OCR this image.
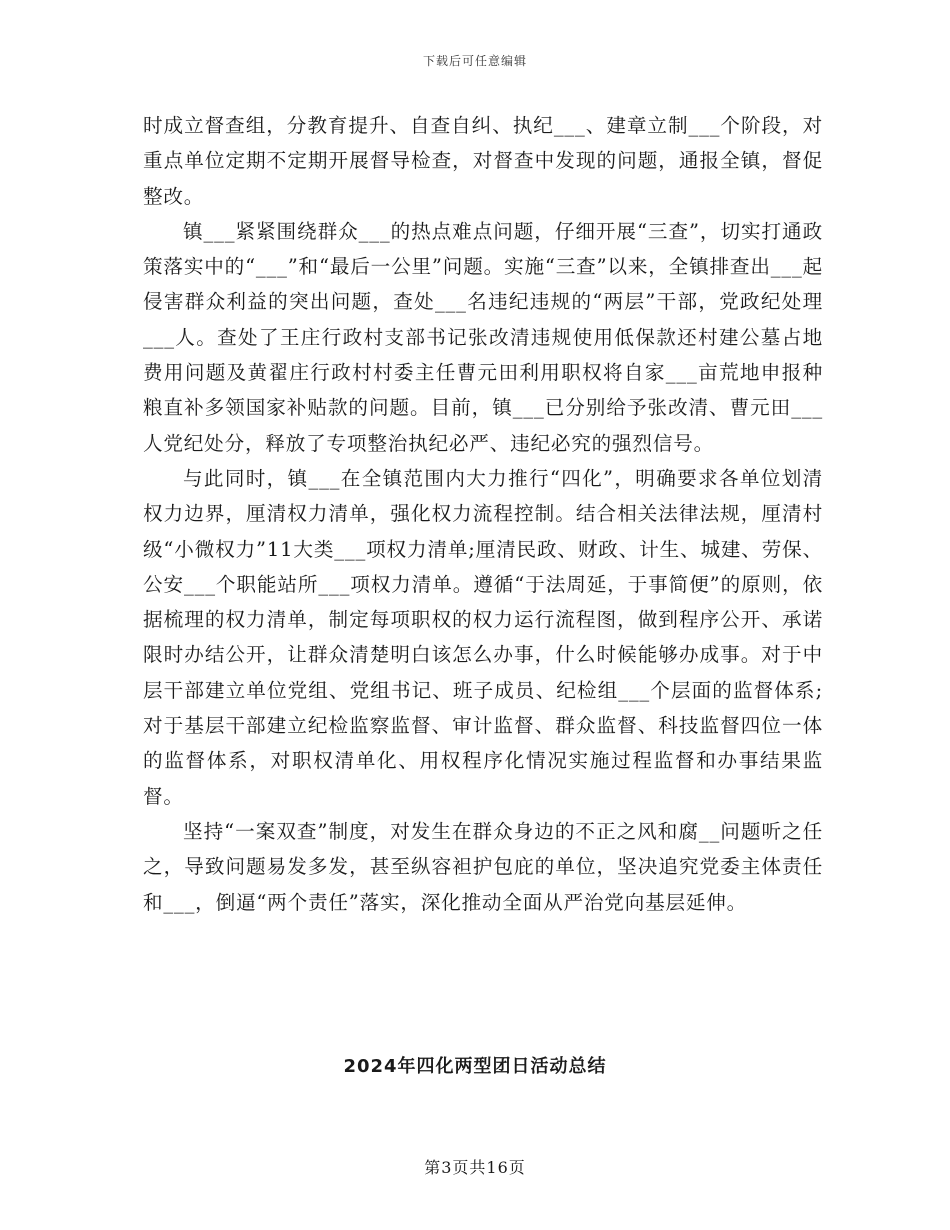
下载后可任意编辑

时成立督查组，分教育提升、自查自纠、执纪___、建章立制___个阶段，对重点单位定期不定期开展督导检查，对督查中发现的问题，通报全镇，督促整改。

镇___紧紧围绕群众___的热点难点问题，仔细开展“三查”，切实打通政策落实中的“___”和“最后一公里”问题。实施“三查”以来，全镇排查出___起侵害群众利益的突出问题，查处___名违纪违规的“两层”干部，党政纪处理___人。查处了王庄行政村支部书记张改清违规使用低保款还村建公墓占地费用问题及黄翟庄行政村村委主任曹元田利用职权将自家___亩荒地申报种粮直补多领国家补贴款的问题。目前，镇___已分别给予张改清、曹元田___人党纪处分，释放了专项整治执纪必严、违纪必究的强烈信号。

与此同时，镇___在全镇范围内大力推行“四化”，明确要求各单位划清权力边界，厘清权力清单，强化权力流程控制。结合相关法律法规，厘清村级“小微权力”11大类___项权力清单;厘清民政、财政、计生、城建、劳保、公安___个职能站所___项权力清单。遵循“于法周延，于事简便”的原则，依据梳理的权力清单，制定每项职权的权力运行流程图，做到程序公开、承诺限时办结公开，让群众清楚明白该怎么办事，什么时候能够办成事。对于中层干部建立单位党组、党组书记、班子成员、纪检组___个层面的监督体系;对于基层干部建立纪检监察监督、审计监督、群众监督、科技监督四位一体的监督体系，对职权清单化、用权程序化情况实施过程监督和办事结果监督。

坚持“一案双查”制度，对发生在群众身边的不正之风和腐__问题听之任之，导致问题易发多发，甚至纵容袒护包庇的单位，坚决追究党委主体责任和___，倒逼“两个责任”落实，深化推动全面从严治党向基层延伸。

2024年四化两型团日活动总结
第3页共16页
